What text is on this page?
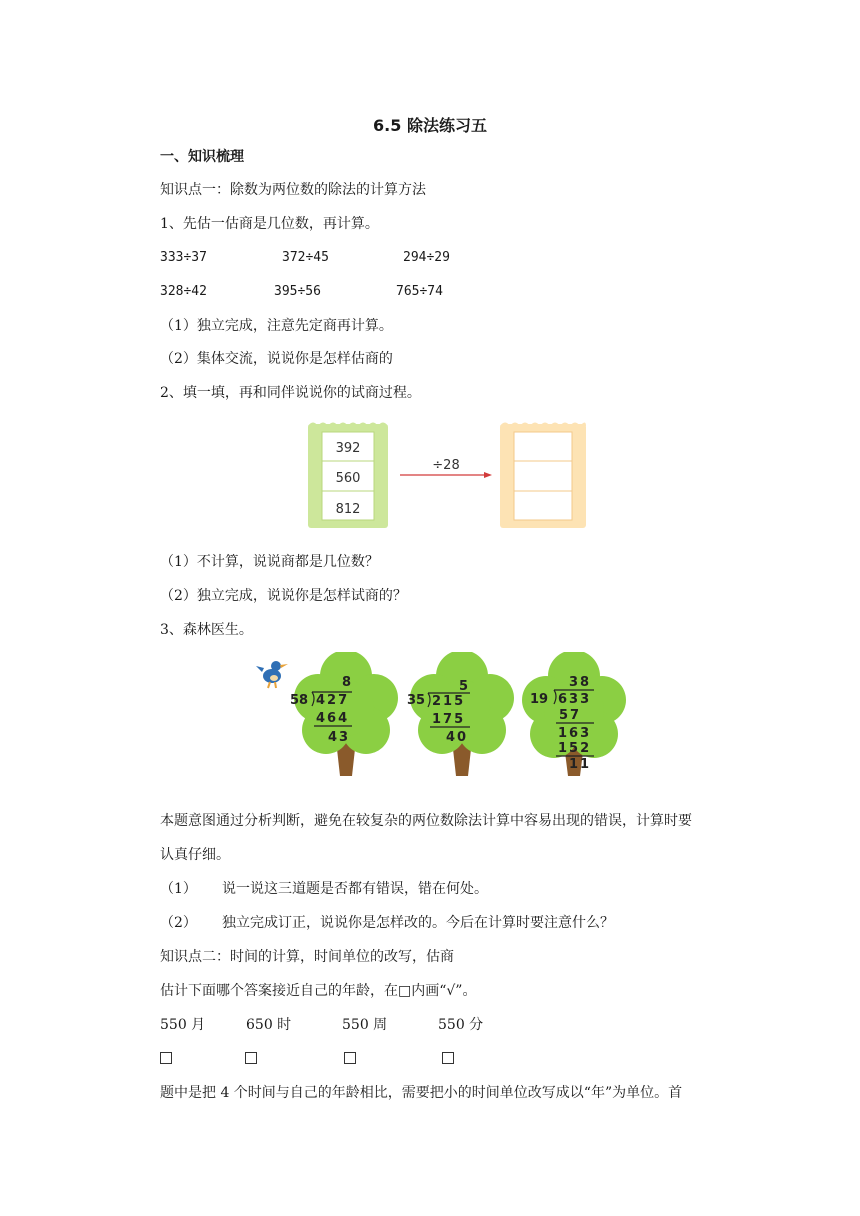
6.5 除法练习五
一、知识梳理
知识点一：除数为两位数的除法的计算方法
1、先估一估商是几位数，再计算。
333÷37	372÷45	294÷29
328÷42	395÷56	765÷74
（1）独立完成，注意先定商再计算。
（2）集体交流，说说你是怎样估商的
2、填一填，再和同伴说说你的试商过程。
392
560
812
÷28
（1）不计算，说说商都是几位数？
（2）独立完成，说说你是怎样试商的？
3、森林医生。
58
8
427
464
43
35
5
215
175
40
19
38
633
57
163
152
11
本题意图通过分析判断，避免在较复杂的两位数除法计算中容易出现的错误，计算时要
认真仔细。
（1） 说一说这三道题是否都有错误，错在何处。
（2） 独立完成订正，说说你是怎样改的。今后在计算时要注意什么？
知识点二：时间的计算，时间单位的改写，估商
估计下面哪个答案接近自己的年龄，在□内画“√”。
550 月	650 时	550 周	550 分
题中是把 4 个时间与自己的年龄相比，需要把小的时间单位改写成以“年”为单位。首
